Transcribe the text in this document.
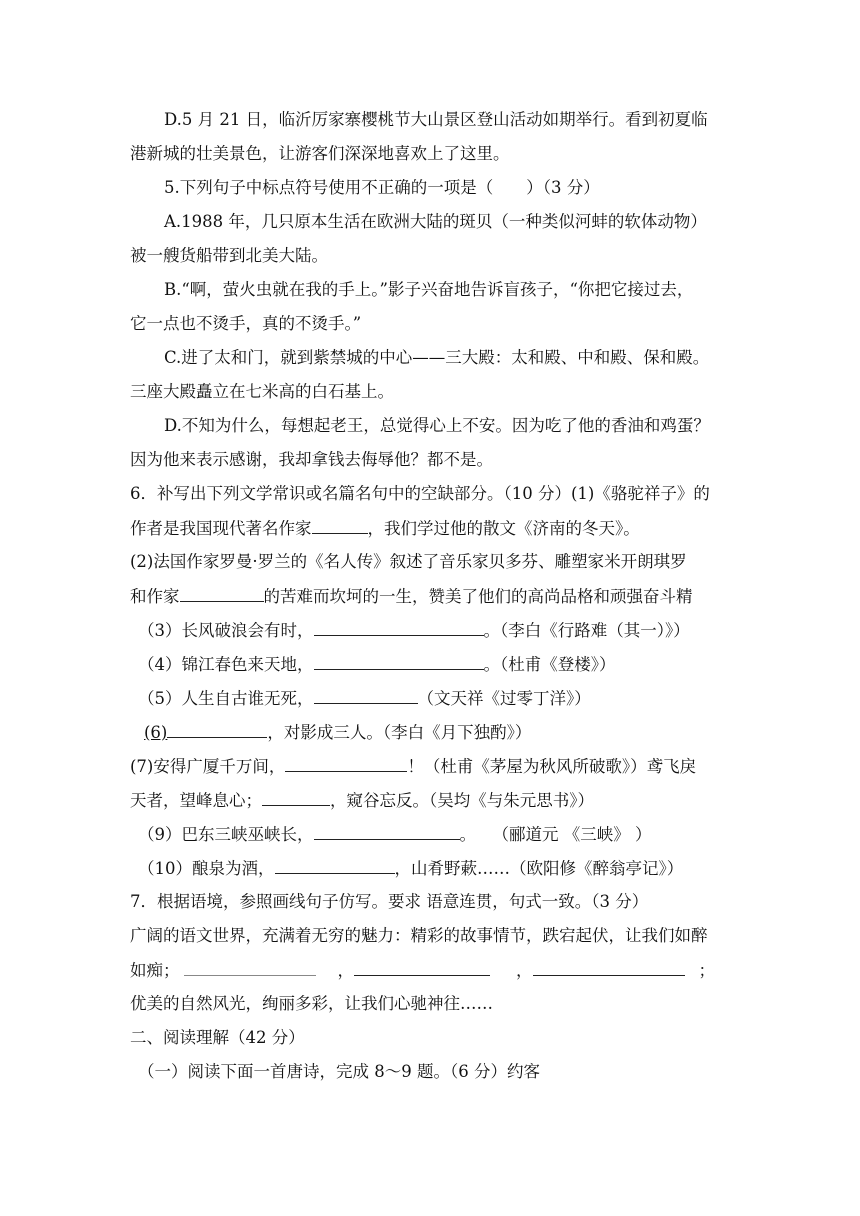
D.5 月 21 日，临沂厉家寨樱桃节大山景区登山活动如期举行。看到初夏临
港新城的壮美景色，让游客们深深地喜欢上了这里。
5.下列句子中标点符号使用不正确的一项是（　　）（3 分）
A.1988 年，几只原本生活在欧洲大陆的斑贝（一种类似河蚌的软体动物）
被一艘货船带到北美大陆。
B.“啊，萤火虫就在我的手上。”影子兴奋地告诉盲孩子，“你把它接过去，
它一点也不烫手，真的不烫手。”
C.进了太和门，就到紫禁城的中心——三大殿：太和殿、中和殿、保和殿。
三座大殿矗立在七米高的白石基上。
D.不知为什么，每想起老王，总觉得心上不安。因为吃了他的香油和鸡蛋？
因为他来表示感谢，我却拿钱去侮辱他？都不是。
6．补写出下列文学常识或名篇名句中的空缺部分。（10 分）(1)《骆驼祥子》的
作者是我国现代著名作家	，我们学过他的散文《济南的冬天》。
(2)法国作家罗曼·罗兰的《名人传》叙述了音乐家贝多芬、雕塑家米开朗琪罗
和作家	的苦难而坎坷的一生，赞美了他们的高尚品格和顽强奋斗精
（3）长风破浪会有时，	。（李白《行路难（其一）》）
（4）锦江春色来天地，	。（杜甫《登楼》）
（5）人生自古谁无死，	（文天祥《过零丁洋》）
(6)	，对影成三人。（李白《月下独酌》）
(7)安得广厦千万间，	！（杜甫《茅屋为秋风所破歌》）鸢飞戾
天者，望峰息心；	，窥谷忘反。（吴均《与朱元思书》）
（9）巴东三峡巫峡长，	。　　（郦道元 《三峡》 ）
（10）酿泉为酒，	，山肴野蔌……（欧阳修《醉翁亭记》）
7．根据语境，参照画线句子仿写。要求 语意连贯，句式一致。（3 分）
广阔的语文世界，充满着无穷的魅力：精彩的故事情节，跌宕起伏，让我们如醉
如痴；	，	，	；
优美的自然风光，绚丽多彩，让我们心驰神往……
二、阅读理解（42 分）
（一）阅读下面一首唐诗，完成 8～9 题。（6 分）约客
